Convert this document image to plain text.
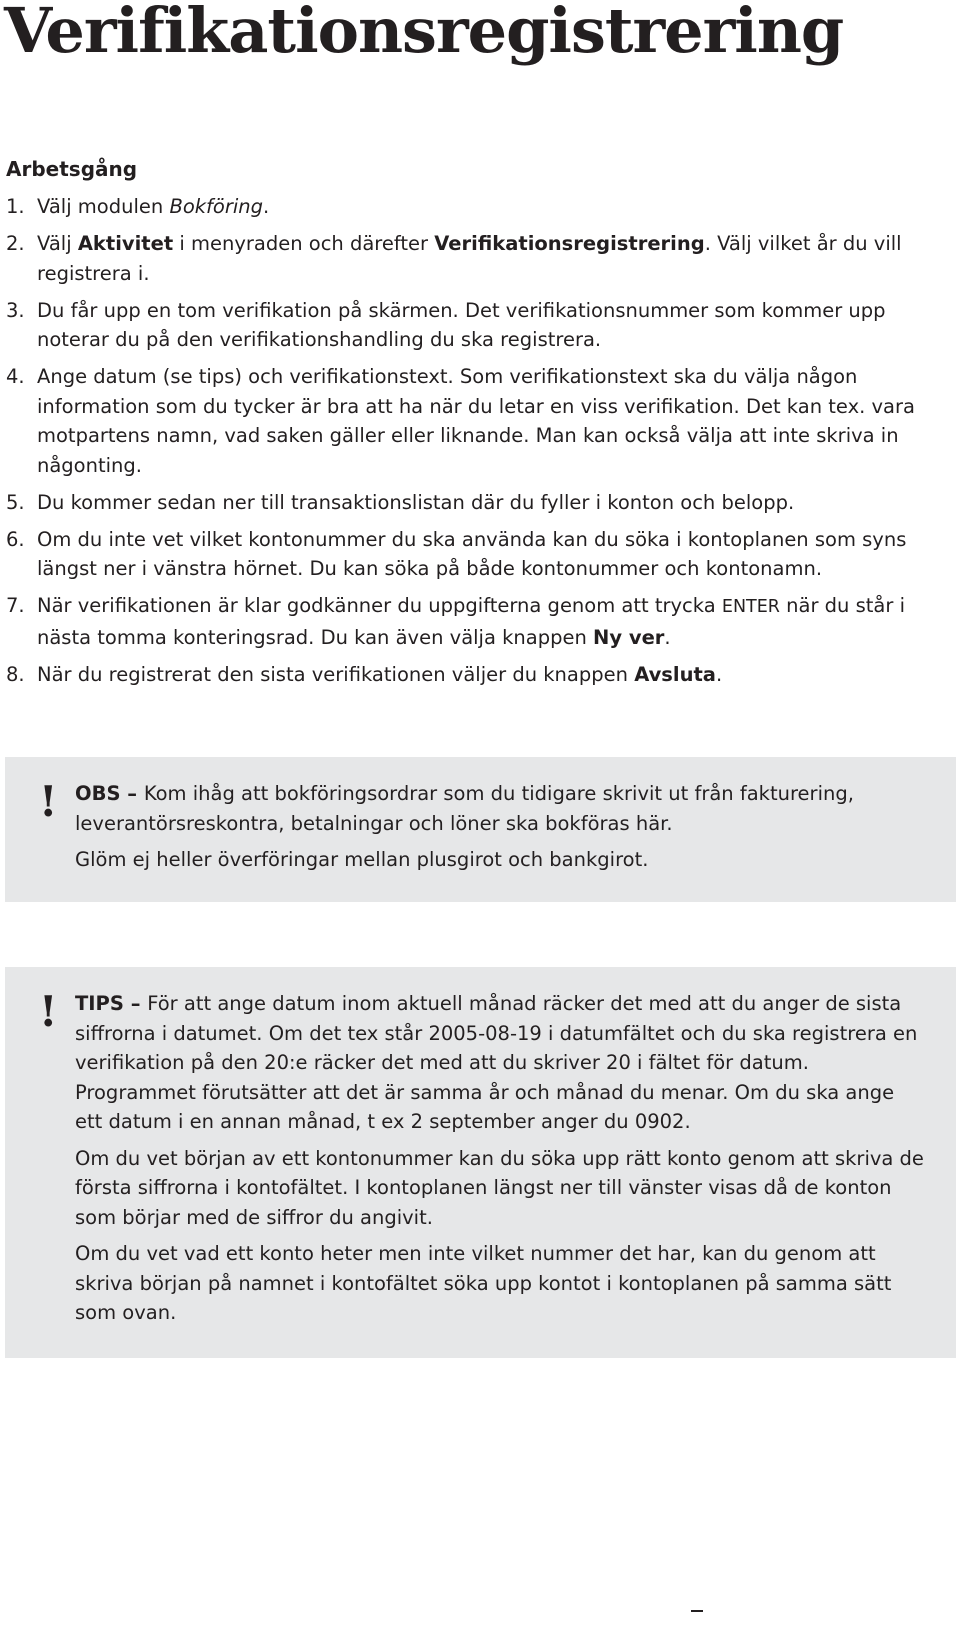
Verifikationsregistrering
Arbetsgång
1. Välj modulen Bokföring.
2. Välj Aktivitet i menyraden och därefter Verifikationsregistrering. Välj vilket år du vill registrera i.
3. Du får upp en tom verifikation på skärmen. Det verifikationsnummer som kommer upp noterar du på den verifikationshandling du ska registrera.
4. Ange datum (se tips) och verifikationstext. Som verifikationstext ska du välja någon information som du tycker är bra att ha när du letar en viss verifikation. Det kan tex. vara motpartens namn, vad saken gäller eller liknande. Man kan också välja att inte skriva in någonting.
5. Du kommer sedan ner till transaktionslistan där du fyller i konton och belopp.
6. Om du inte vet vilket kontonummer du ska använda kan du söka i kontoplanen som syns längst ner i vänstra hörnet. Du kan söka på både kontonummer och kontonamn.
7. När verifikationen är klar godkänner du uppgifterna genom att trycka ENTER när du står i nästa tomma konteringsrad. Du kan även välja knappen Ny ver.
8. När du registrerat den sista verifikationen väljer du knappen Avsluta.
! OBS – Kom ihåg att bokföringsordrar som du tidigare skrivit ut från fakturering, leverantörsreskontra, betalningar och löner ska bokföras här.

Glöm ej heller överföringar mellan plusgirot och bankgirot.

! TIPS – För att ange datum inom aktuell månad räcker det med att du anger de sista siffrorna i datumet. Om det tex står 2005-08-19 i datumfältet och du ska registrera en verifikation på den 20:e räcker det med att du skriver 20 i fältet för datum. Programmet förutsätter att det är samma år och månad du menar. Om du ska ange ett datum i en annan månad, t ex 2 september anger du 0902.

Om du vet början av ett kontonummer kan du söka upp rätt konto genom att skriva de första siffrorna i kontofältet. I kontoplanen längst ner till vänster visas då de konton som börjar med de siffror du angivit.

Om du vet vad ett konto heter men inte vilket nummer det har, kan du genom att skriva början på namnet i kontofältet söka upp kontot i kontoplanen på samma sätt som ovan.
